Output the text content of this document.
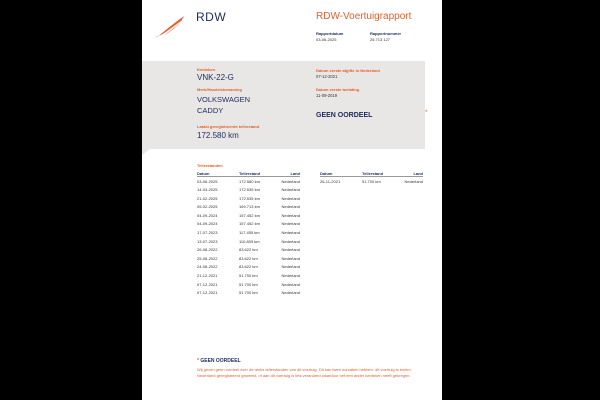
RDW	RDW-Voertuigrapport
Rapportdatum
03-06-2025
Rapportnummer
26.713.127
Kenteken
VNK-22-G
Merk/Handelsbenaming
VOLKSWAGEN
CADDY
Laatst geregistreerde tellerstand
172.580 km
Datum eerste afgifte in Nederland
07-12-2021
Datum eerste toelating
11-09-2019
GEEN OORDEEL	*
Tellerstanden
Datum	Tellerstand	Land
03-06-2025	172.580 km	Nederland
14-03-2025	172.535 km	Nederland
21-02-2025	172.535 km	Nederland
05-02-2025	169.713 km	Nederland
04-09-2024	157.452 km	Nederland
04-09-2024	157.452 km	Nederland
17-07-2023	117.455 km	Nederland
13-07-2023	110.809 km	Nederland
26-08-2022	83.622 km	Nederland
25-08-2022	83.622 km	Nederland
24-08-2022	83.622 km	Nederland
21-12-2021	51.700 km	Nederland
07-12-2021	51.700 km	Nederland
07-12-2021	51.700 km	Nederland
Datum	Tellerstand	Land
26-11-2021	51.700 km	Nederland
* GEEN OORDEEL
Wij geven geen oordeel over de reeks tellerstanden van dit voertuig. Dit kan twee oorzaken hebben: dit voertuig is buiten Nederland geregistreerd geweest, of aan dit voertuig is iets veranderd waardoor het een ander kenteken heeft gekregen.
